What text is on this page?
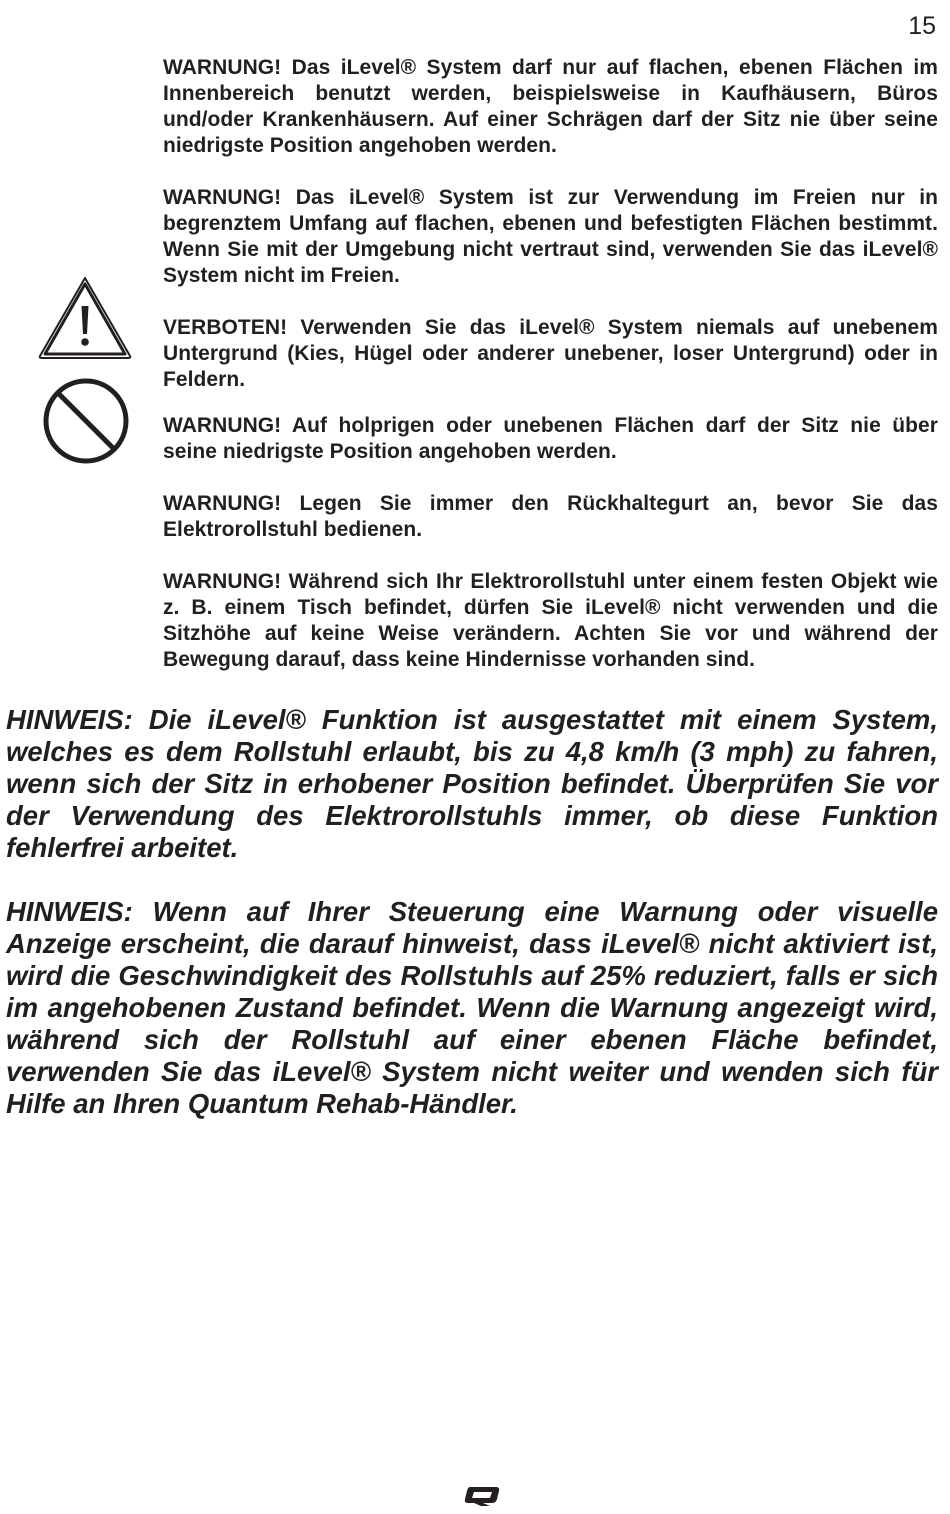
15

WARNUNG! Das iLevel® System darf nur auf flachen, ebenen Flächen im Innenbereich benutzt werden, beispielsweise in Kaufhäusern, Büros und/oder Krankenhäusern. Auf einer Schrägen darf der Sitz nie über seine niedrigste Position angehoben werden.

WARNUNG! Das iLevel® System ist zur Verwendung im Freien nur in begrenztem Umfang auf flachen, ebenen und befestigten Flächen bestimmt. Wenn Sie mit der Umgebung nicht vertraut sind, verwenden Sie das iLevel® System nicht im Freien.

VERBOTEN! Verwenden Sie das iLevel® System niemals auf unebenem Untergrund (Kies, Hügel oder anderer unebener, loser Untergrund) oder in Feldern.

WARNUNG! Auf holprigen oder unebenen Flächen darf der Sitz nie über seine niedrigste Position angehoben werden.

WARNUNG! Legen Sie immer den Rückhaltegurt an, bevor Sie das Elektrorollstuhl bedienen.

WARNUNG! Während sich Ihr Elektrorollstuhl unter einem festen Objekt wie z. B. einem Tisch befindet, dürfen Sie iLevel® nicht verwenden und die Sitzhöhe auf keine Weise verändern. Achten Sie vor und während der Bewegung darauf, dass keine Hindernisse vorhanden sind.

HINWEIS: Die iLevel® Funktion ist ausgestattet mit einem System, welches es dem Rollstuhl erlaubt, bis zu 4,8 km/h (3 mph) zu fahren, wenn sich der Sitz in erhobener Position befindet. Überprüfen Sie vor der Verwendung des Elektrorollstuhls immer, ob diese Funktion fehlerfrei arbeitet.

HINWEIS: Wenn auf Ihrer Steuerung eine Warnung oder visuelle Anzeige erscheint, die darauf hinweist, dass iLevel® nicht aktiviert ist, wird die Geschwindigkeit des Rollstuhls auf 25% reduziert, falls er sich im angehobenen Zustand befindet. Wenn die Warnung angezeigt wird, während sich der Rollstuhl auf einer ebenen Fläche befindet, verwenden Sie das iLevel® System nicht weiter und wenden sich für Hilfe an Ihren Quantum Rehab-Händler.
